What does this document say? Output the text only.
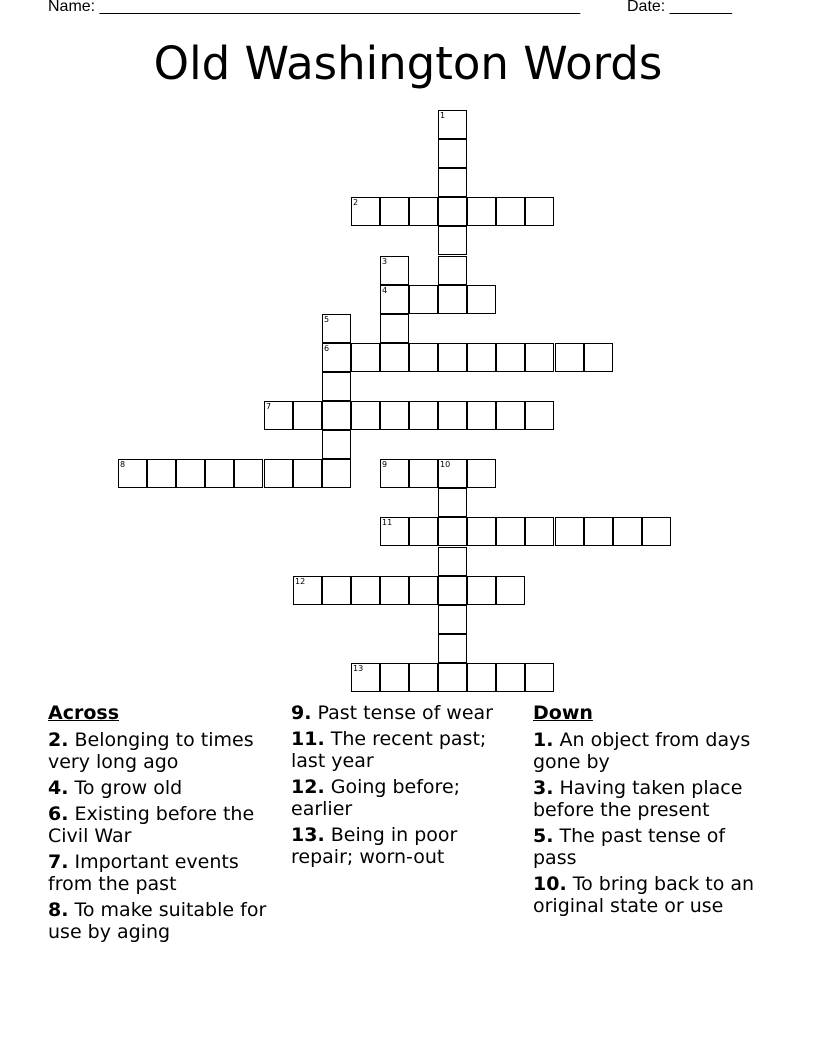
Name: ______________________________________________________	Date: _______
Old Washington Words
1
2
3
4
5
6
7
8	9	10
11
12
13
Across
2. Belonging to times very long ago
4. To grow old
6. Existing before the Civil War
7. Important events from the past
8. To make suitable for use by aging
9. Past tense of wear
11. The recent past; last year
12. Going before; earlier
13. Being in poor repair; worn-out
Down
1. An object from days gone by
3. Having taken place before the present
5. The past tense of pass
10. To bring back to an original state or use
